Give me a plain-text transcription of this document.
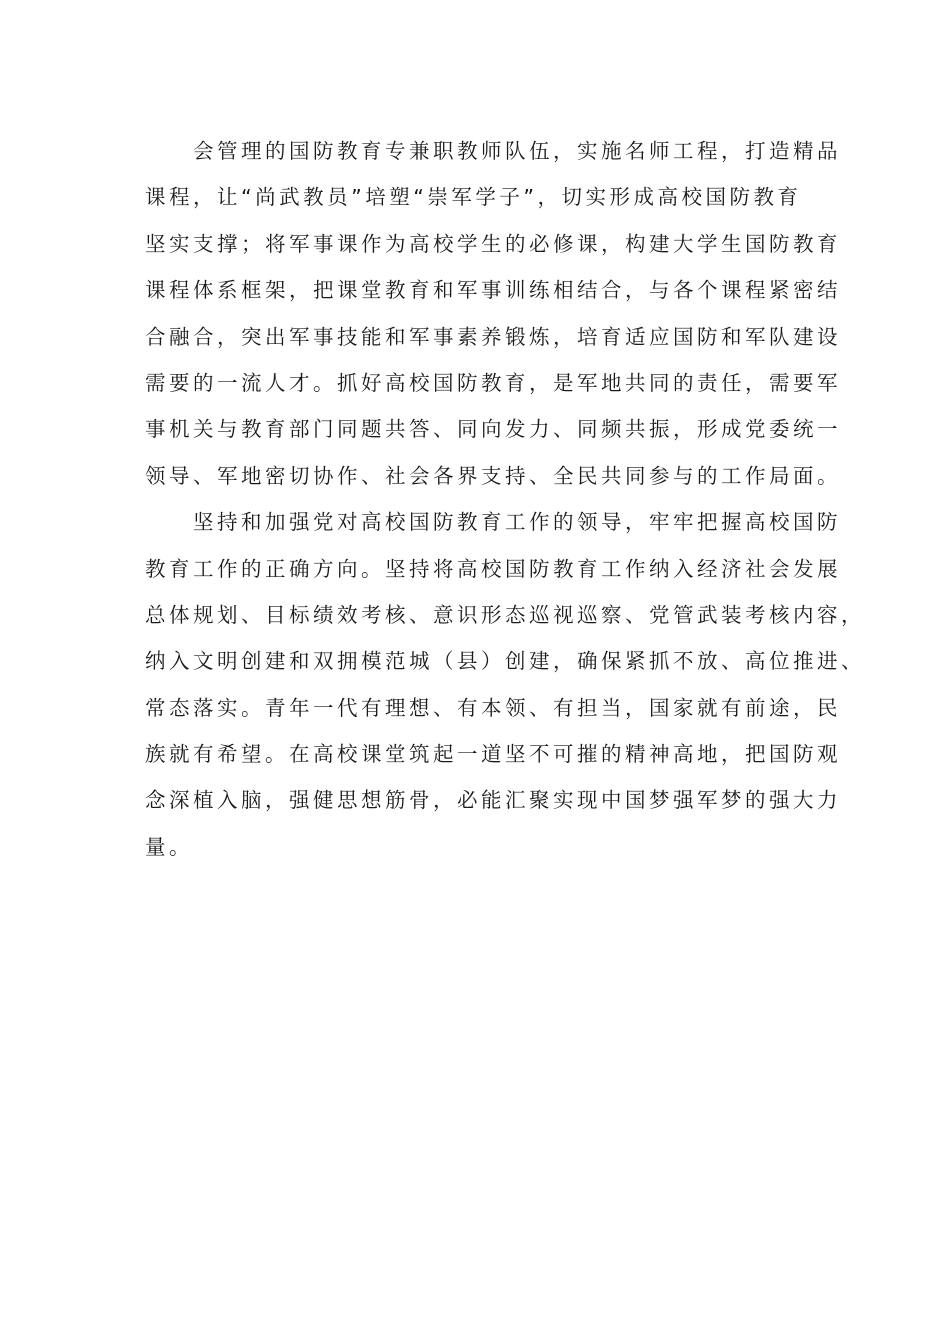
会管理的国防教育专兼职教师队伍，实施名师工程，打造精品
课程，让“尚武教员”培塑“崇军学子”，切实形成高校国防教育
坚实支撑；将军事课作为高校学生的必修课，构建大学生国防教育
课程体系框架，把课堂教育和军事训练相结合，与各个课程紧密结
合融合，突出军事技能和军事素养锻炼，培育适应国防和军队建设
需要的一流人才。抓好高校国防教育，是军地共同的责任，需要军
事机关与教育部门同题共答、同向发力、同频共振，形成党委统一
领导、军地密切协作、社会各界支持、全民共同参与的工作局面。

坚持和加强党对高校国防教育工作的领导，牢牢把握高校国防
教育工作的正确方向。坚持将高校国防教育工作纳入经济社会发展
总体规划、目标绩效考核、意识形态巡视巡察、党管武装考核内容，
纳入文明创建和双拥模范城（县）创建，确保紧抓不放、高位推进、
常态落实。青年一代有理想、有本领、有担当，国家就有前途，民
族就有希望。在高校课堂筑起一道坚不可摧的精神高地，把国防观
念深植入脑，强健思想筋骨，必能汇聚实现中国梦强军梦的强大力
量。
